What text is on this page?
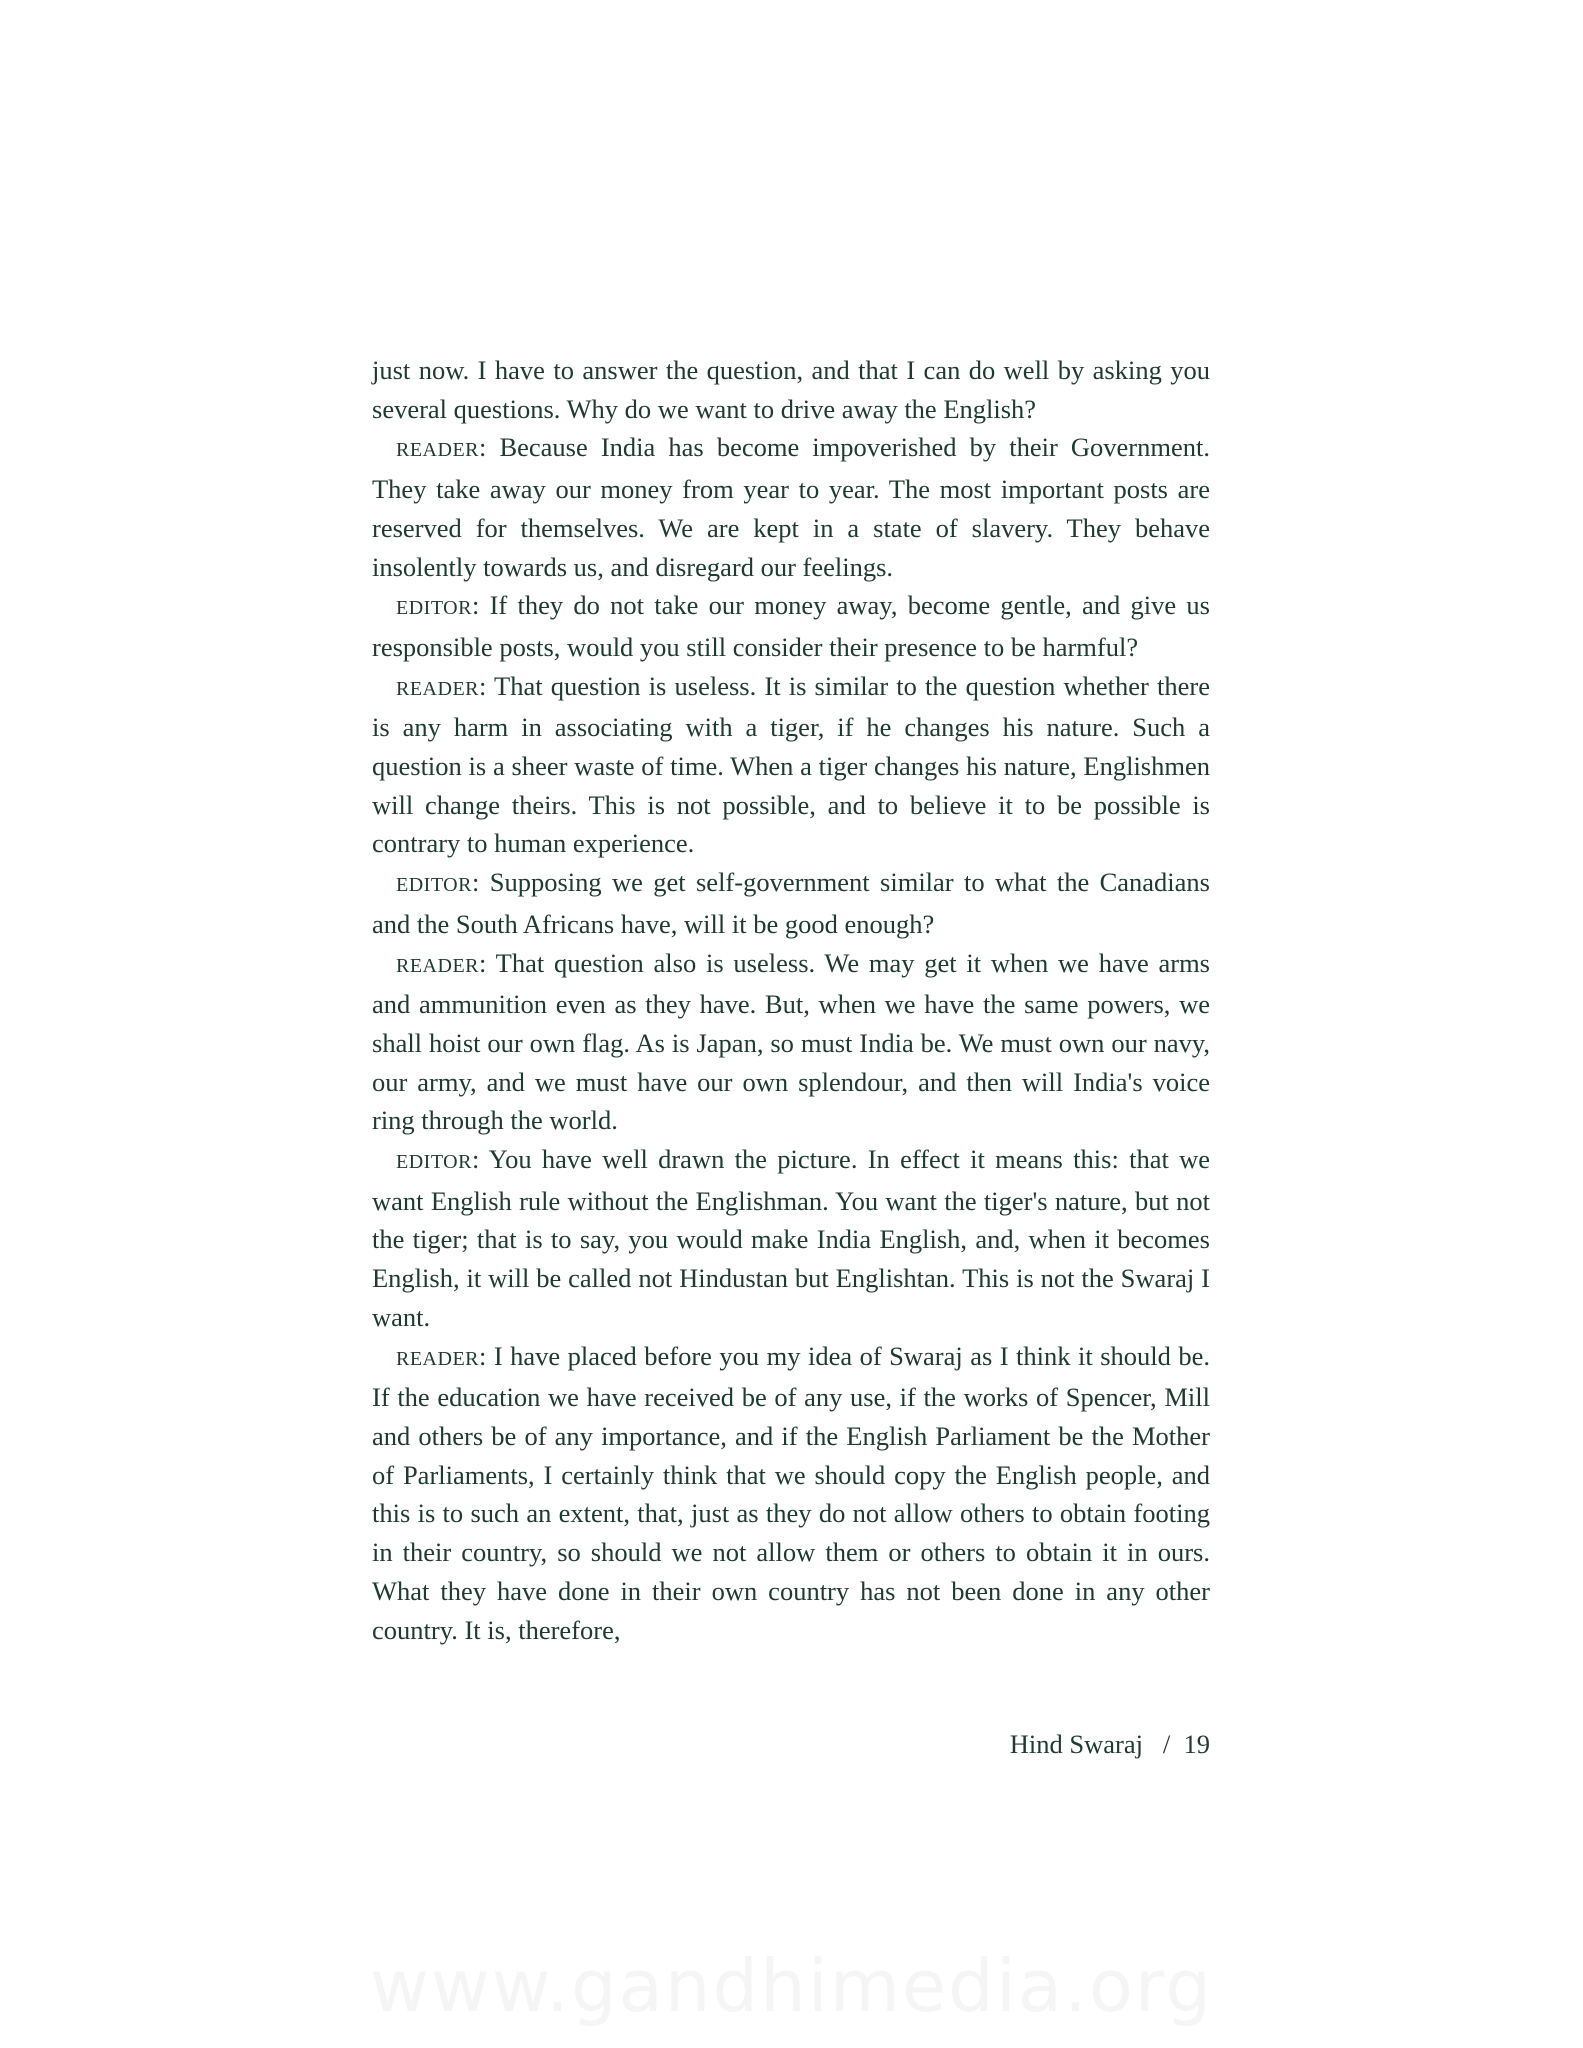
just now. I have to answer the question, and that I can do well by asking you several questions. Why do we want to drive away the English?

READER: Because India has become impoverished by their Government. They take away our money from year to year. The most important posts are reserved for themselves. We are kept in a state of slavery. They behave insolently towards us, and disregard our feelings.

EDITOR: If they do not take our money away, become gentle, and give us responsible posts, would you still consider their presence to be harmful?

READER: That question is useless. It is similar to the question whether there is any harm in associating with a tiger, if he changes his nature. Such a question is a sheer waste of time. When a tiger changes his nature, Englishmen will change theirs. This is not possible, and to believe it to be possible is contrary to human experience.

EDITOR: Supposing we get self-government similar to what the Canadians and the South Africans have, will it be good enough?

READER: That question also is useless. We may get it when we have arms and ammunition even as they have. But, when we have the same powers, we shall hoist our own flag. As is Japan, so must India be. We must own our navy, our army, and we must have our own splendour, and then will India's voice ring through the world.

EDITOR: You have well drawn the picture. In effect it means this: that we want English rule without the Englishman. You want the tiger's nature, but not the tiger; that is to say, you would make India English, and, when it becomes English, it will be called not Hindustan but Englishtan. This is not the Swaraj I want.

READER: I have placed before you my idea of Swaraj as I think it should be. If the education we have received be of any use, if the works of Spencer, Mill and others be of any importance, and if the English Parliament be the Mother of Parliaments, I certainly think that we should copy the English people, and this is to such an extent, that, just as they do not allow others to obtain footing in their country, so should we not allow them or others to obtain it in ours. What they have done in their own country has not been done in any other country. It is, therefore,

Hind Swaraj / 19
www.gandhimedia.org
